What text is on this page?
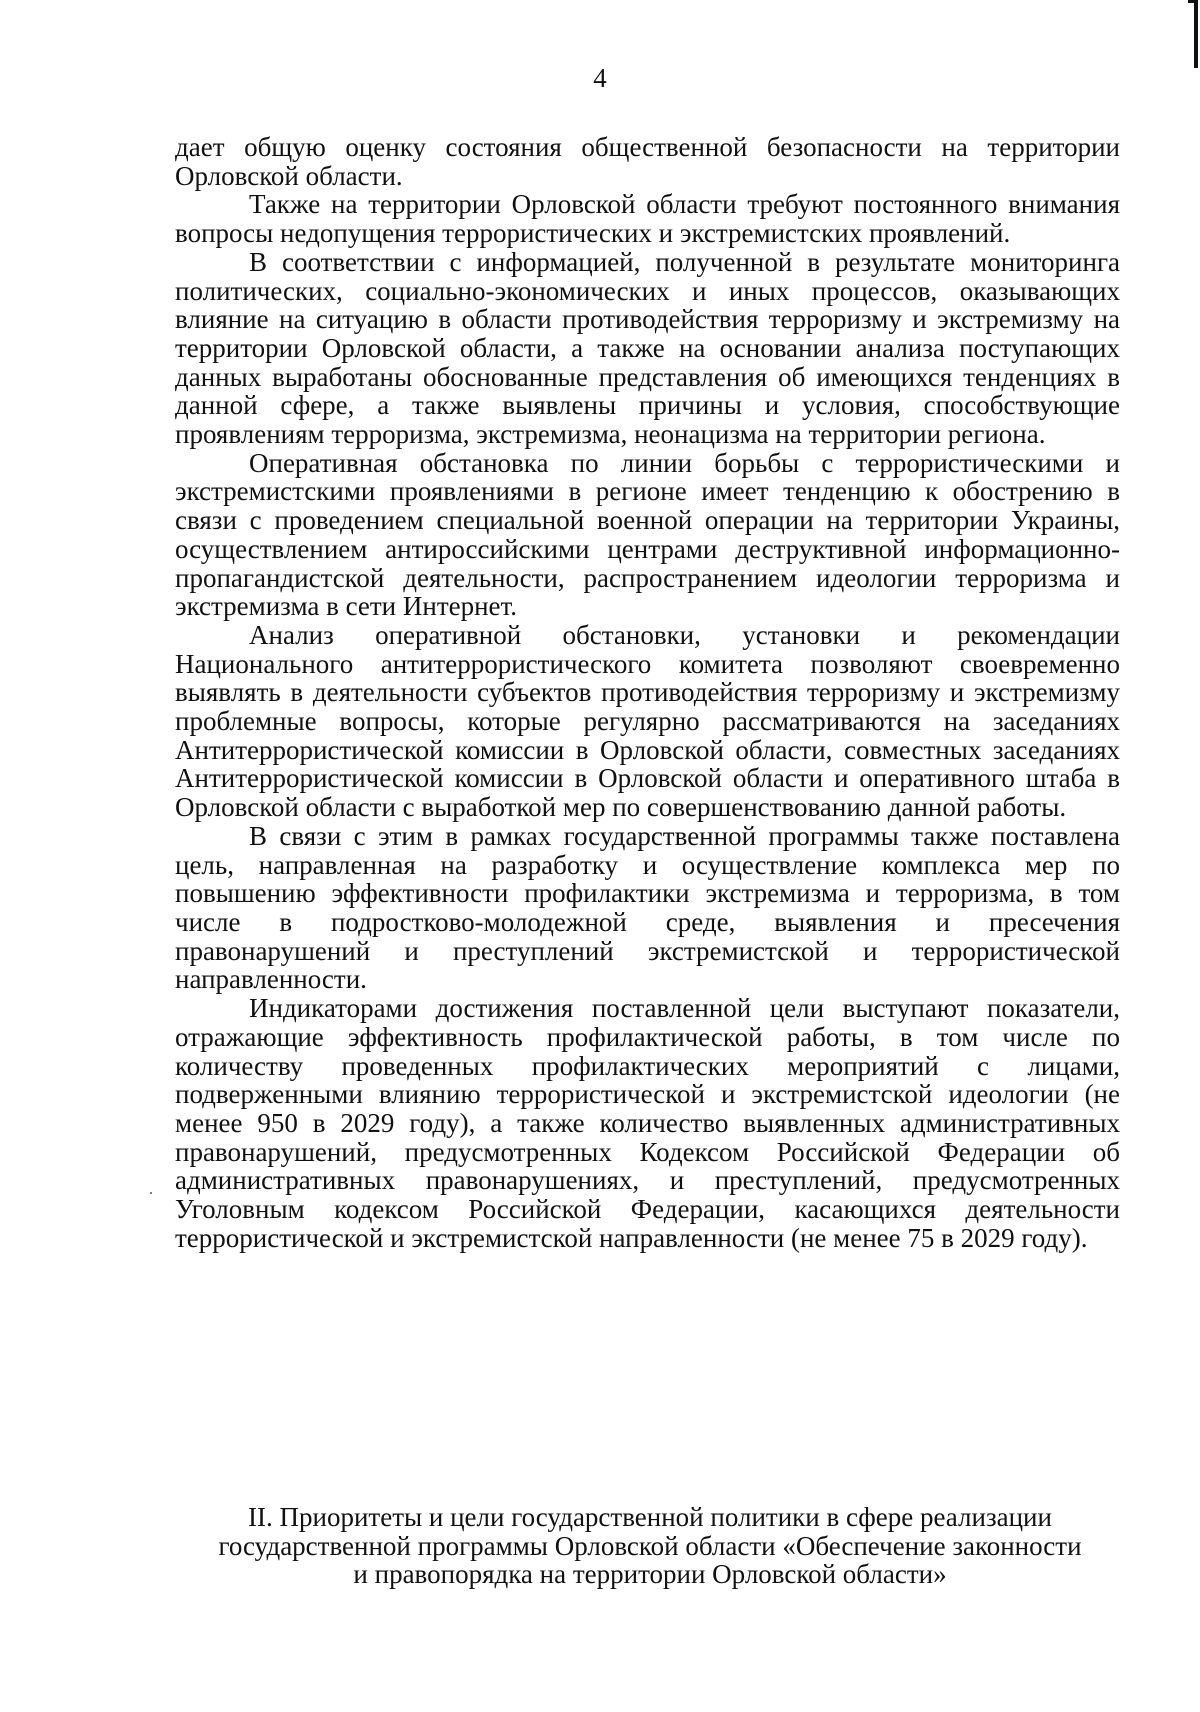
4

дает общую оценку состояния общественной безопасности на территории Орловской области.

Также на территории Орловской области требуют постоянного внимания вопросы недопущения террористических и экстремистских проявлений.

В соответствии с информацией, полученной в результате мониторинга политических, социально-экономических и иных процессов, оказывающих влияние на ситуацию в области противодействия терроризму и экстремизму на территории Орловской области, а также на основании анализа поступающих данных выработаны обоснованные представления об имеющихся тенденциях в данной сфере, а также выявлены причины и условия, способствующие проявлениям терроризма, экстремизма, неонацизма на территории региона.

Оперативная обстановка по линии борьбы с террористическими и экстремистскими проявлениями в регионе имеет тенденцию к обострению в связи с проведением специальной военной операции на территории Украины, осуществлением антироссийскими центрами деструктивной информационно-пропагандистской деятельности, распространением идеологии терроризма и экстремизма в сети Интернет.

Анализ оперативной обстановки, установки и рекомендации Национального антитеррористического комитета позволяют своевременно выявлять в деятельности субъектов противодействия терроризму и экстремизму проблемные вопросы, которые регулярно рассматриваются на заседаниях Антитеррористической комиссии в Орловской области, совместных заседаниях Антитеррористической комиссии в Орловской области и оперативного штаба в Орловской области с выработкой мер по совершенствованию данной работы.

В связи с этим в рамках государственной программы также поставлена цель, направленная на разработку и осуществление комплекса мер по повышению эффективности профилактики экстремизма и терроризма, в том числе в подростково-молодежной среде, выявления и пресечения правонарушений и преступлений экстремистской и террористической направленности.

Индикаторами достижения поставленной цели выступают показатели, отражающие эффективность профилактической работы, в том числе по количеству проведенных профилактических мероприятий с лицами, подверженными влиянию террористической и экстремистской идеологии (не менее 950 в 2029 году), а также количество выявленных административных правонарушений, предусмотренных Кодексом Российской Федерации об административных правонарушениях, и преступлений, предусмотренных Уголовным кодексом Российской Федерации, касающихся деятельности террористической и экстремистской направленности (не менее 75 в 2029 году).

II. Приоритеты и цели государственной политики в сфере реализации
государственной программы Орловской области «Обеспечение законности
и правопорядка на территории Орловской области»
